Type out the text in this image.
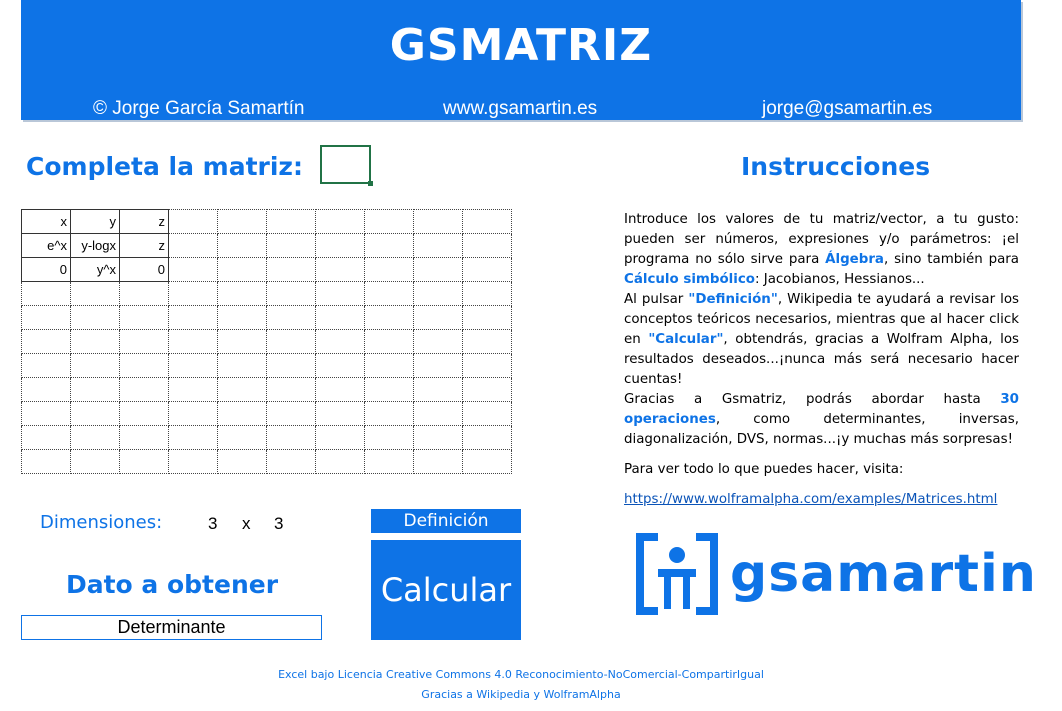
GSMATRIZ
© Jorge García Samartín	www.gsamartin.es	jorge@gsamartin.es
Completa la matriz:	Instrucciones
x	y	z							
e^x	y-logx	z							
0	y^x	0							

Introduce los valores de tu matriz/vector, a tu gusto: pueden ser números, expresiones y/o parámetros: ¡el programa no sólo sirve para Álgebra, sino también para Cálculo simbólico: Jacobianos, Hessianos...

Al pulsar "Definición", Wikipedia te ayudará a revisar los conceptos teóricos necesarios, mientras que al hacer click en "Calcular", obtendrás, gracias a Wolfram Alpha, los resultados deseados...¡nunca más será necesario hacer cuentas!

Gracias a Gsmatriz, podrás abordar hasta 30 operaciones, como determinantes, inversas, diagonalización, DVS, normas...¡y muchas más sorpresas!

Para ver todo lo que puedes hacer, visita:

https://www.wolframalpha.com/examples/Matrices.html

Dimensiones:	3 x 3	Definición
Calcular
Dato a obtener
Determinante
gsamartin
Excel bajo Licencia Creative Commons 4.0 Reconocimiento-NoComercial-CompartirIgual
Gracias a Wikipedia y WolframAlpha
